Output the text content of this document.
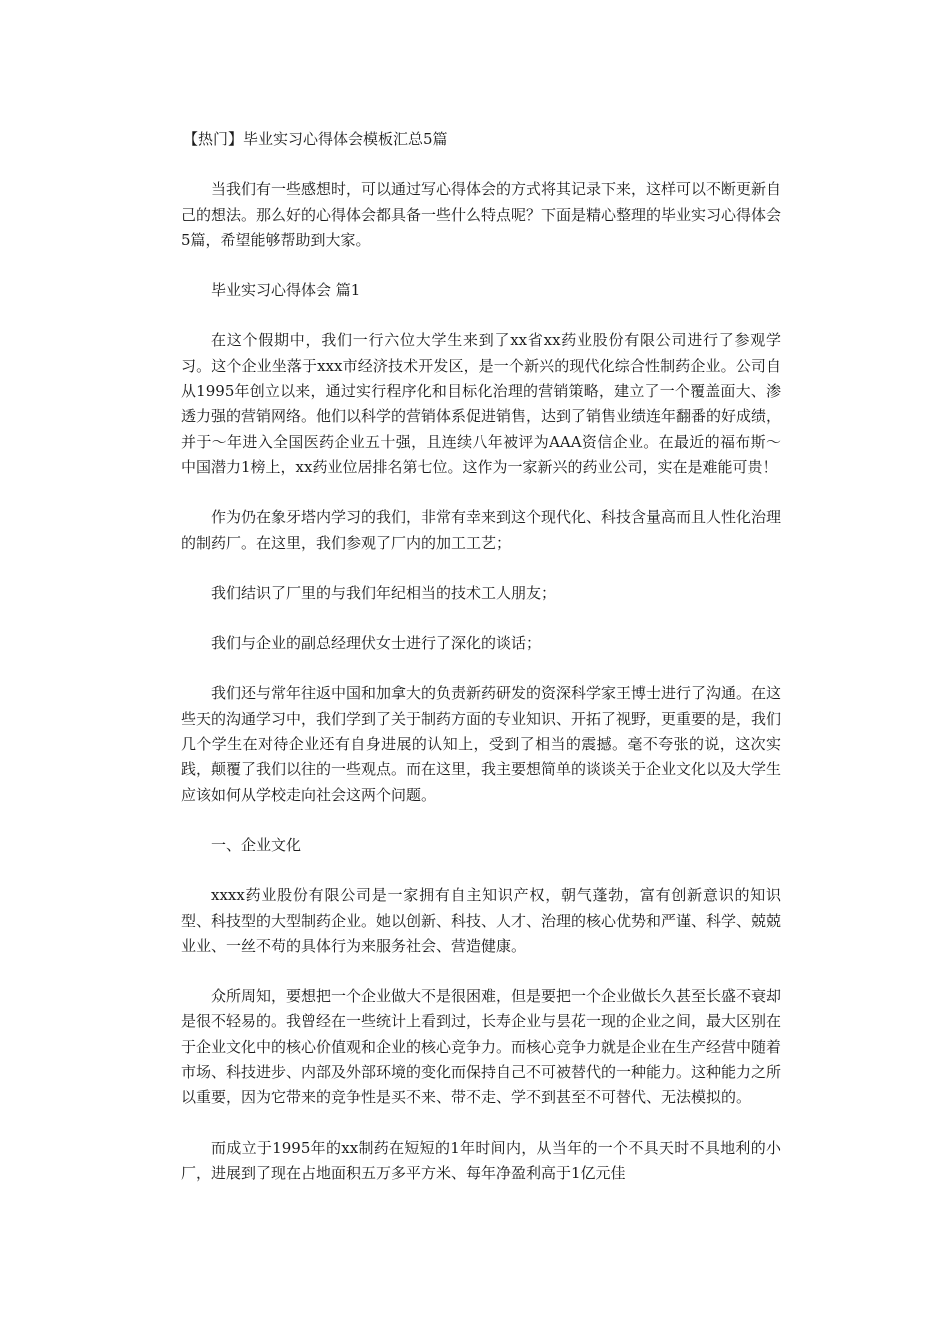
【热门】毕业实习心得体会模板汇总5篇

当我们有一些感想时，可以通过写心得体会的方式将其记录下来，这样可以不断更新自己的想法。那么好的心得体会都具备一些什么特点呢？下面是精心整理的毕业实习心得体会5篇，希望能够帮助到大家。

毕业实习心得体会 篇1

在这个假期中，我们一行六位大学生来到了xx省xx药业股份有限公司进行了参观学习。这个企业坐落于xxx市经济技术开发区，是一个新兴的现代化综合性制药企业。公司自从1995年创立以来，通过实行程序化和目标化治理的营销策略，建立了一个覆盖面大、渗透力强的营销网络。他们以科学的营销体系促进销售，达到了销售业绩连年翻番的好成绩，并于～年进入全国医药企业五十强，且连续八年被评为AAA资信企业。在最近的福布斯～中国潜力1榜上，xx药业位居排名第七位。这作为一家新兴的药业公司，实在是难能可贵！

作为仍在象牙塔内学习的我们，非常有幸来到这个现代化、科技含量高而且人性化治理的制药厂。在这里，我们参观了厂内的加工工艺；

我们结识了厂里的与我们年纪相当的技术工人朋友；

我们与企业的副总经理伏女士进行了深化的谈话；

我们还与常年往返中国和加拿大的负责新药研发的资深科学家王博士进行了沟通。在这些天的沟通学习中，我们学到了关于制药方面的专业知识、开拓了视野，更重要的是，我们几个学生在对待企业还有自身进展的认知上，受到了相当的震撼。毫不夸张的说，这次实践，颠覆了我们以往的一些观点。而在这里，我主要想简单的谈谈关于企业文化以及大学生应该如何从学校走向社会这两个问题。

一、企业文化

xxxx药业股份有限公司是一家拥有自主知识产权，朝气蓬勃，富有创新意识的知识型、科技型的大型制药企业。她以创新、科技、人才、治理的核心优势和严谨、科学、兢兢业业、一丝不苟的具体行为来服务社会、营造健康。

众所周知，要想把一个企业做大不是很困难，但是要把一个企业做长久甚至长盛不衰却是很不轻易的。我曾经在一些统计上看到过，长寿企业与昙花一现的企业之间，最大区别在于企业文化中的核心价值观和企业的核心竞争力。而核心竞争力就是企业在生产经营中随着市场、科技进步、内部及外部环境的变化而保持自己不可被替代的一种能力。这种能力之所以重要，因为它带来的竞争性是买不来、带不走、学不到甚至不可替代、无法模拟的。

而成立于1995年的xx制药在短短的1年时间内，从当年的一个不具天时不具地利的小厂，进展到了现在占地面积五万多平方米、每年净盈利高于1亿元佳
